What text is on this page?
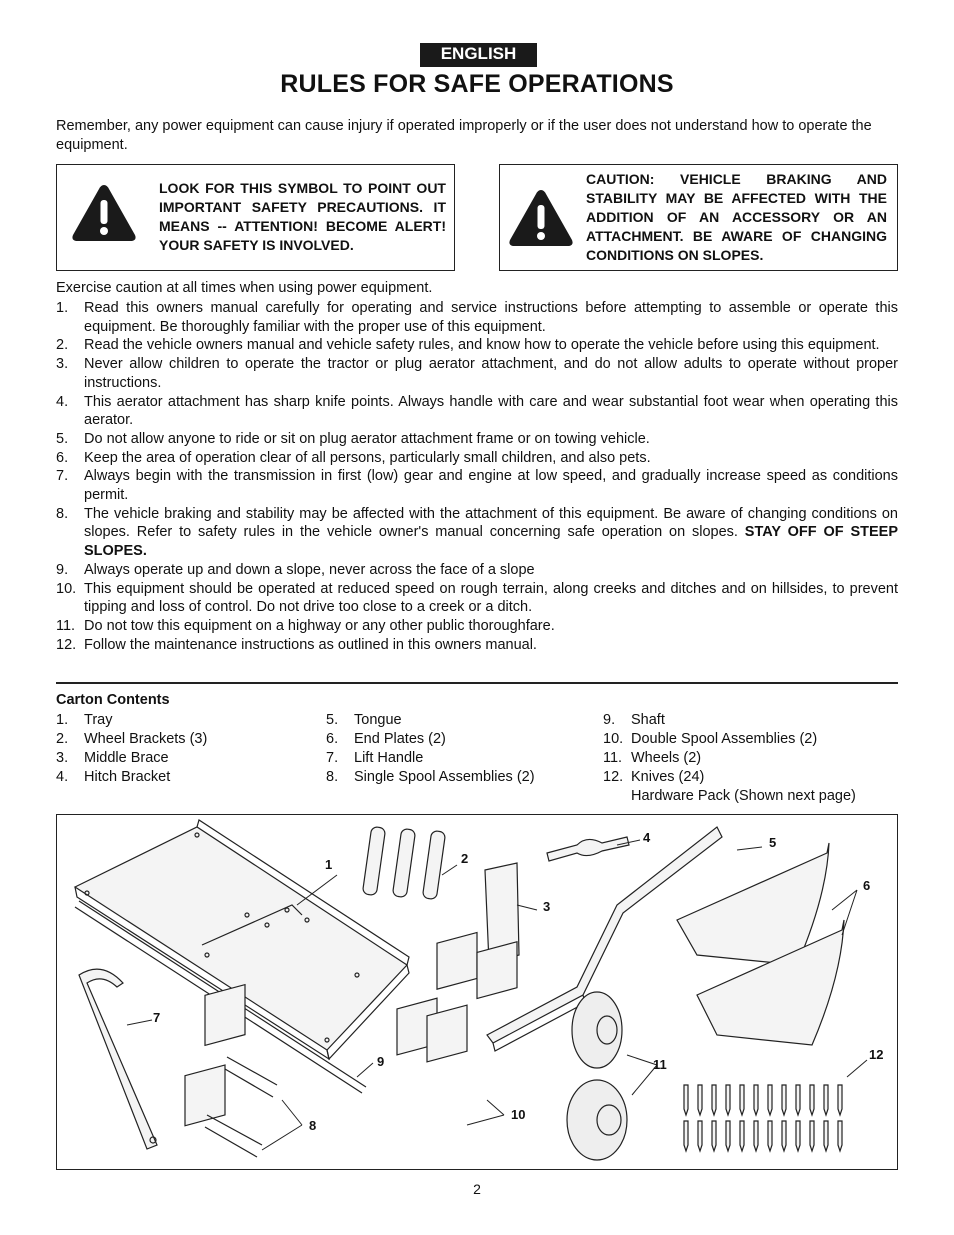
ENGLISH
RULES FOR SAFE OPERATIONS
Remember, any power equipment can cause injury if operated improperly or if the user does not understand how to operate the equipment.
LOOK FOR THIS SYMBOL TO POINT OUT IMPORTANT SAFETY PRECAUTIONS. IT MEANS -- ATTENTION! BECOME ALERT! YOUR SAFETY IS INVOLVED.
CAUTION: VEHICLE BRAKING AND STABILITY MAY BE AFFECTED WITH THE ADDITION OF AN ACCESSORY OR AN ATTACHMENT. BE AWARE OF CHANGING CONDITIONS ON SLOPES.
Exercise caution at all times when using power equipment.
1. Read this owners manual carefully for operating and service instructions before attempting to assemble or operate this equipment. Be thoroughly familiar with the proper use of this equipment.
2. Read the vehicle owners manual and vehicle safety rules, and know how to operate the vehicle before using this equipment.
3. Never allow children to operate the tractor or plug aerator attachment, and do not allow adults to operate without proper instructions.
4. This aerator attachment has sharp knife points. Always handle with care and wear substantial foot wear when operating this aerator.
5. Do not allow anyone to ride or sit on plug aerator attachment frame or on towing vehicle.
6. Keep the area of operation clear of all persons, particularly small children, and also pets.
7. Always begin with the transmission in first (low) gear and engine at low speed, and gradually increase speed as conditions permit.
8. The vehicle braking and stability may be affected with the attachment of this equipment. Be aware of changing conditions on slopes. Refer to safety rules in the vehicle owner's manual concerning safe operation on slopes. STAY OFF OF STEEP SLOPES.
9. Always operate up and down a slope, never across the face of a slope
10. This equipment should be operated at reduced speed on rough terrain, along creeks and ditches and on hillsides, to prevent tipping and loss of control. Do not drive too close to a creek or a ditch.
11. Do not tow this equipment on a highway or any other public thoroughfare.
12. Follow the maintenance instructions as outlined in this owners manual.
Carton Contents
1. Tray
2. Wheel Brackets (3)
3. Middle Brace
4. Hitch Bracket
5. Tongue
6. End Plates (2)
7. Lift Handle
8. Single Spool Assemblies (2)
9. Shaft
10. Double Spool Assemblies (2)
11. Wheels (2)
12. Knives (24)
Hardware Pack (Shown next page)
1	2
3
4	5
6
7
8
9
10
11
12
2
